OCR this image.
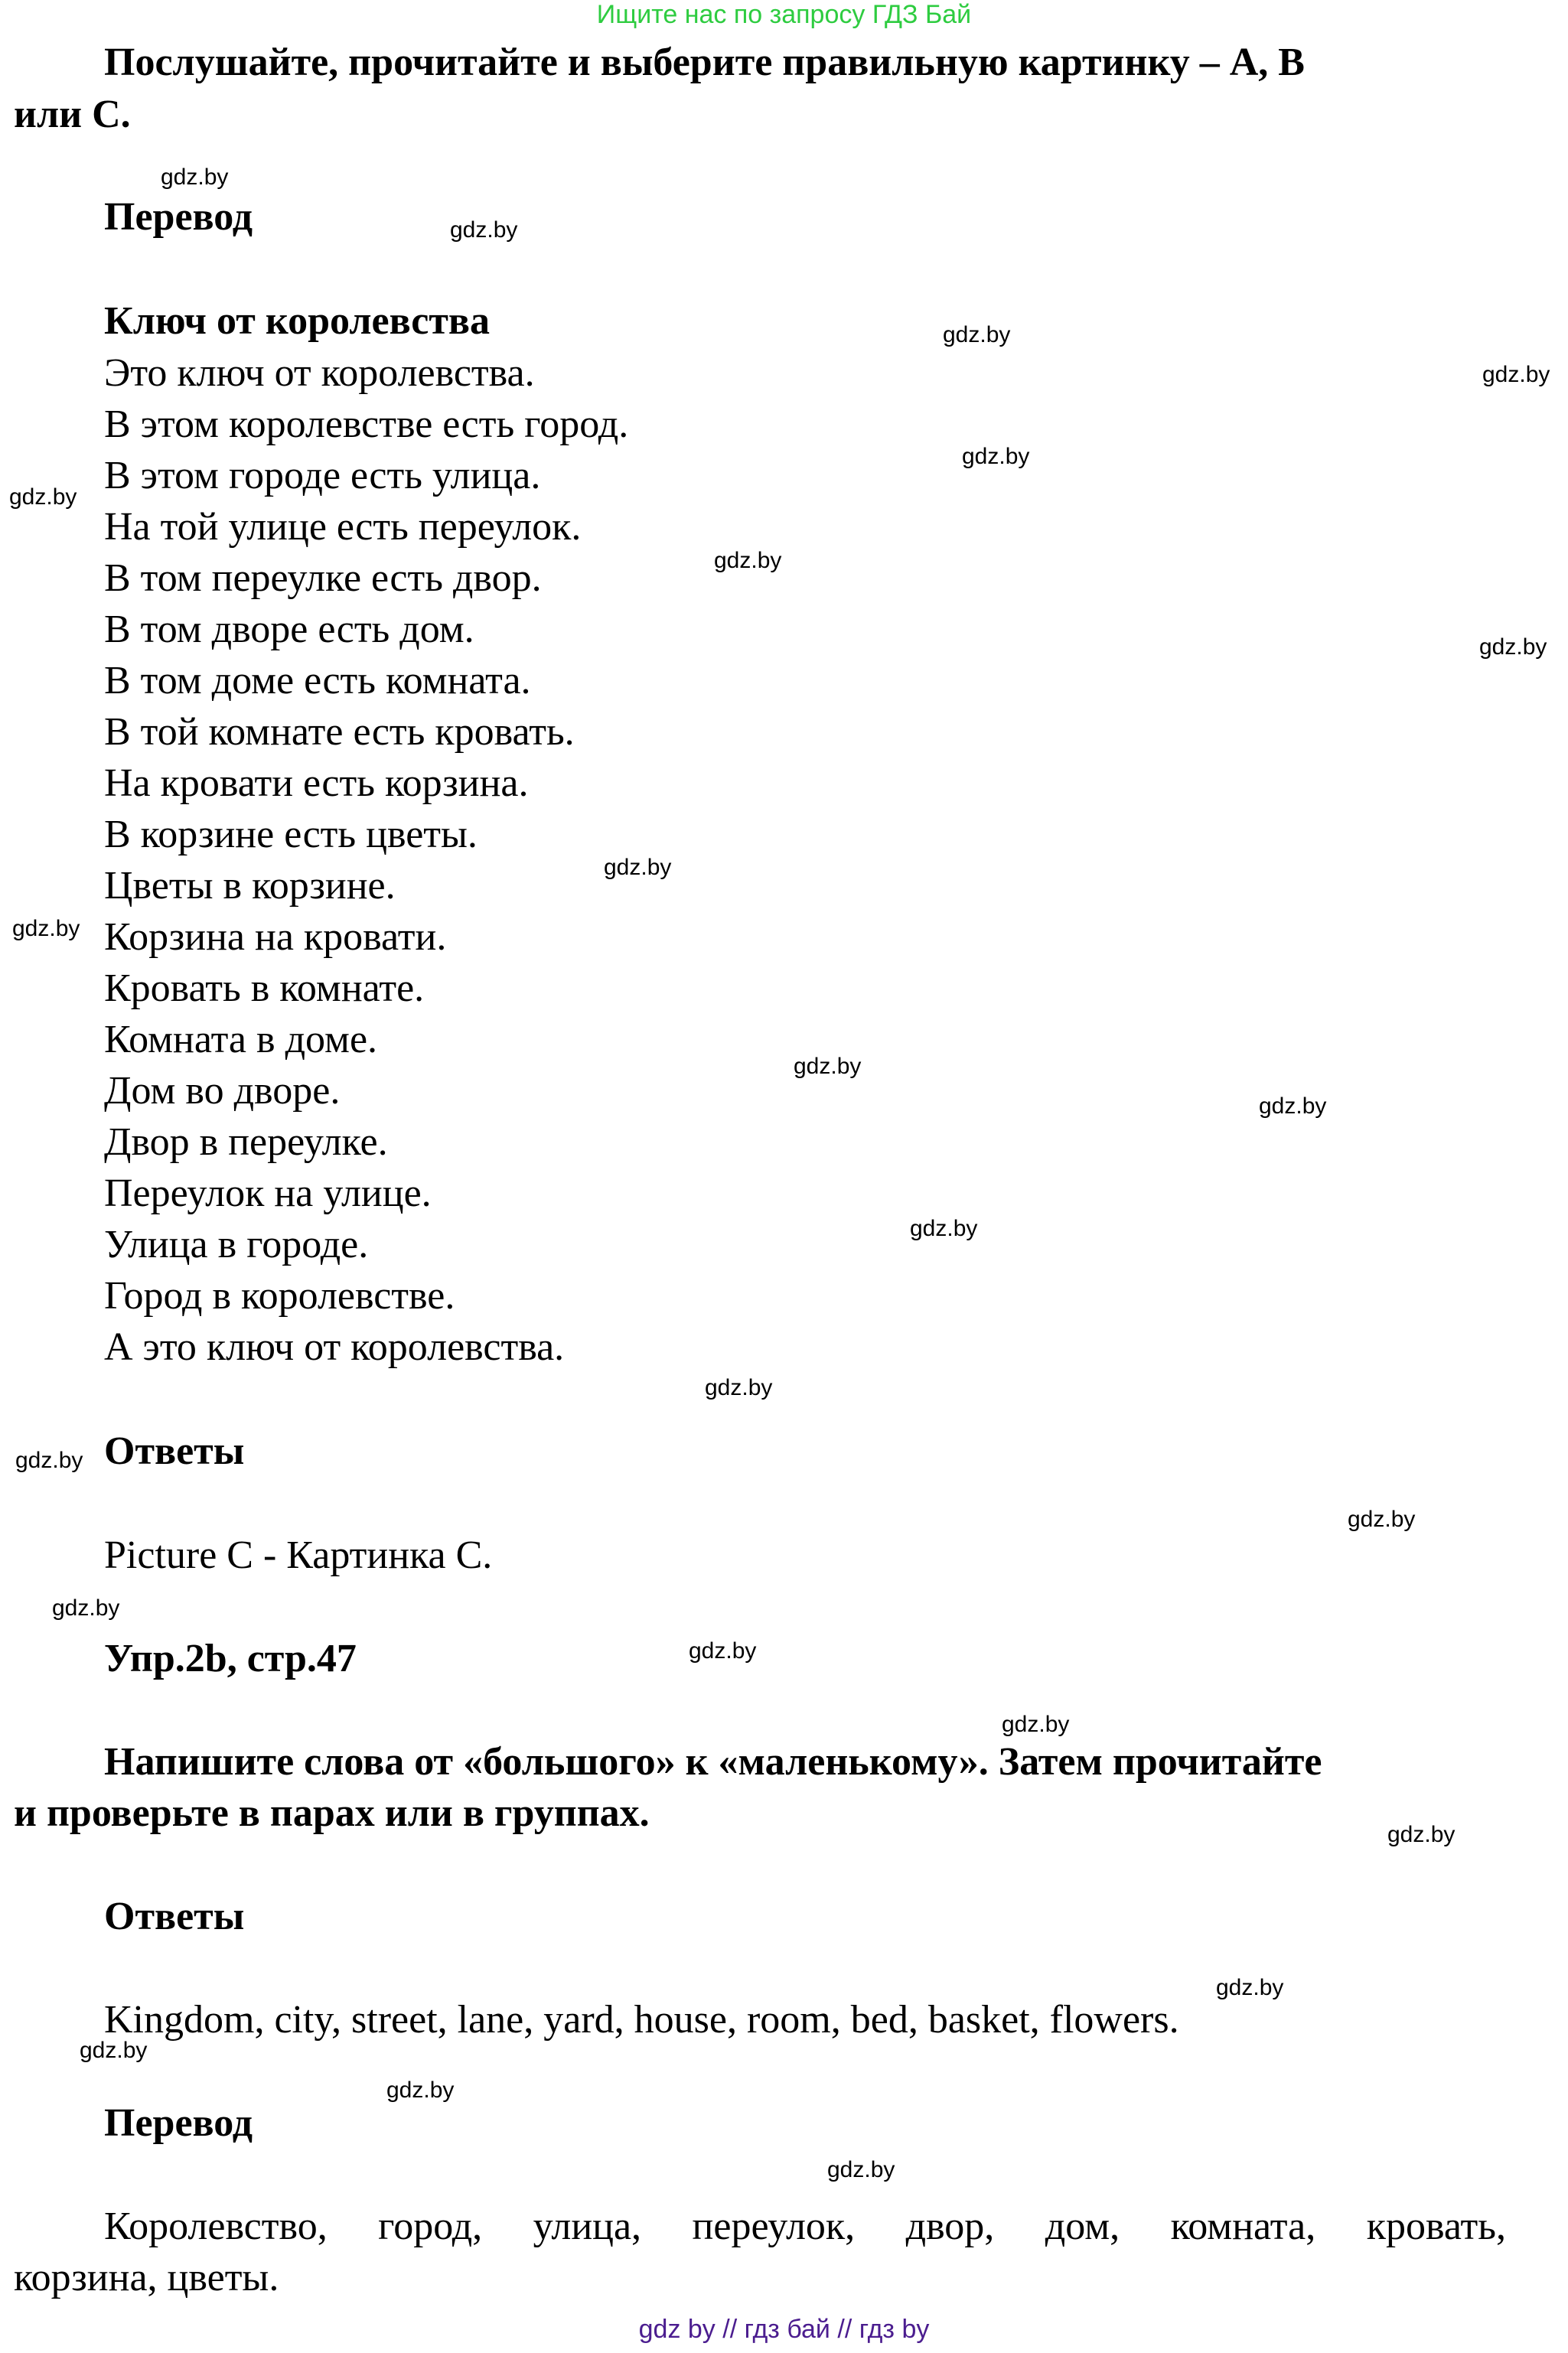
Ищите нас по запросу ГДЗ Бай
Послушайте, прочитайте и выберите правильную картинку – A, B
или C.
Перевод
Ключ от королевства
Это ключ от королевства.
В этом королевстве есть город.
В этом городе есть улица.
На той улице есть переулок.
В том переулке есть двор.
В том дворе есть дом.
В том доме есть комната.
В той комнате есть кровать.
На кровати есть корзина.
В корзине есть цветы.
Цветы в корзине.
Корзина на кровати.
Кровать в комнате.
Комната в доме.
Дом во дворе.
Двор в переулке.
Переулок на улице.
Улица в городе.
Город в королевстве.
А это ключ от королевства.
Ответы
Picture C - Картинка C.
Упр.2b, стр.47
Напишите слова от «большого» к «маленькому». Затем прочитайте
и проверьте в парах или в группах.
Ответы
Kingdom, city, street, lane, yard, house, room, bed, basket, flowers.
Перевод
Королевство, город, улица, переулок, двор, дом, комната, кровать,
корзина, цветы.
gdz.by
gdz.by
gdz.by
gdz.by
gdz.by
gdz.by
gdz.by
gdz.by
gdz.by
gdz.by
gdz.by
gdz.by
gdz.by
gdz.by
gdz.by
gdz.by
gdz.by
gdz.by
gdz.by
gdz.by
gdz.by
gdz.by
gdz.by
gdz.by
gdz by // гдз бай // гдз by
